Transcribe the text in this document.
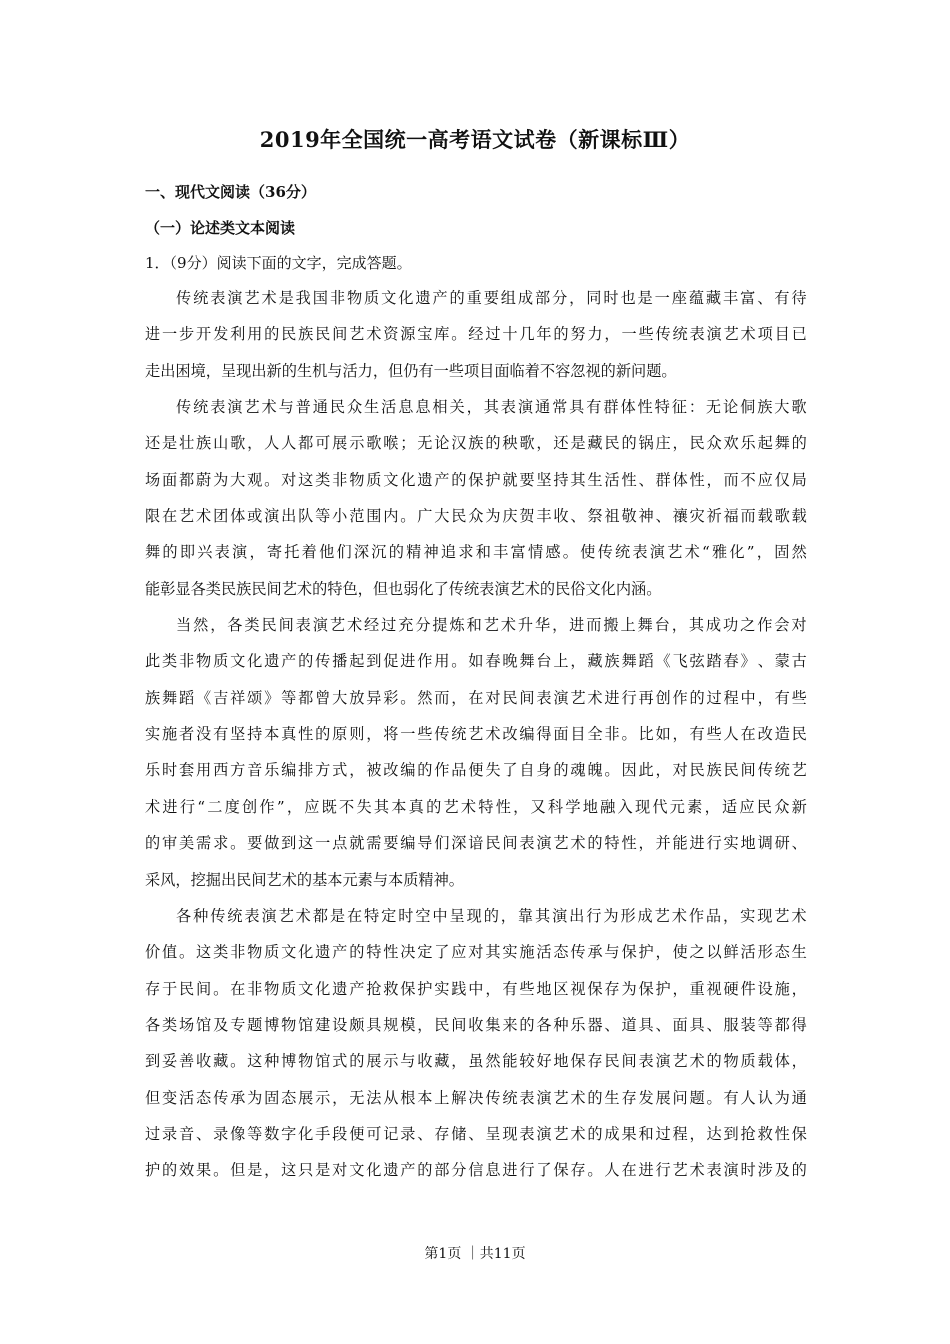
2019年全国统一高考语文试卷（新课标Ⅲ）
一、现代文阅读（36分）
（一）论述类文本阅读
1．（9分）阅读下面的文字，完成答题。
传 统 表 演 艺 术 是 我 国 非 物 质 文 化 遗 产 的 重 要 组 成 部 分 ， 同 时 也 是 一 座 蕴 藏 丰 富 、 有 待
进 一 步 开 发 利 用 的 民 族 民 间 艺 术 资 源 宝 库 。 经 过 十 几 年 的 努 力 ， 一 些 传 统 表 演 艺 术 项 目 已
走出困境，呈现出新的生机与活力，但仍有一些项目面临着不容忽视的新问题。
传 统 表 演 艺 术 与 普 通 民 众 生 活 息 息 相 关 ， 其 表 演 通 常 具 有 群 体 性 特 征 ： 无 论 侗 族 大 歌
还 是 壮 族 山 歌 ， 人 人 都 可 展 示 歌 喉 ； 无 论 汉 族 的 秧 歌 ， 还 是 藏 民 的 锅 庄 ， 民 众 欢 乐 起 舞 的
场 面 都 蔚 为 大 观 。 对 这 类 非 物 质 文 化 遗 产 的 保 护 就 要 坚 持 其 生 活 性 、 群 体 性 ， 而 不 应 仅 局
限 在 艺 术 团 体 或 演 出 队 等 小 范 围 内 。 广 大 民 众 为 庆 贺 丰 收 、 祭 祖 敬 神 、 禳 灾 祈 福 而 载 歌 载
舞 的 即 兴 表 演 ， 寄 托 着 他 们 深 沉 的 精 神 追 求 和 丰 富 情 感 。 使 传 统 表 演 艺 术 “ 雅 化 ” ， 固 然
能彰显各类民族民间艺术的特色，但也弱化了传统表演艺术的民俗文化内涵。
当 然 ， 各 类 民 间 表 演 艺 术 经 过 充 分 提 炼 和 艺 术 升 华 ， 进 而 搬 上 舞 台 ， 其 成 功 之 作 会 对
此 类 非 物 质 文 化 遗 产 的 传 播 起 到 促 进 作 用 。 如 春 晚 舞 台 上 ， 藏 族 舞 蹈 《 飞 弦 踏 春 》 、 蒙 古
族 舞 蹈 《 吉 祥 颂 》 等 都 曾 大 放 异 彩 。 然 而 ， 在 对 民 间 表 演 艺 术 进 行 再 创 作 的 过 程 中 ， 有 些
实 施 者 没 有 坚 持 本 真 性 的 原 则 ， 将 一 些 传 统 艺 术 改 编 得 面 目 全 非 。 比 如 ， 有 些 人 在 改 造 民
乐 时 套 用 西 方 音 乐 编 排 方 式 ， 被 改 编 的 作 品 便 失 了 自 身 的 魂 魄 。 因 此 ， 对 民 族 民 间 传 统 艺
术 进 行 “ 二 度 创 作 ” ， 应 既 不 失 其 本 真 的 艺 术 特 性 ， 又 科 学 地 融 入 现 代 元 素 ， 适 应 民 众 新
的 审 美 需 求 。 要 做 到 这 一 点 就 需 要 编 导 们 深 谙 民 间 表 演 艺 术 的 特 性 ， 并 能 进 行 实 地 调 研 、
采风，挖掘出民间艺术的基本元素与本质精神。
各 种 传 统 表 演 艺 术 都 是 在 特 定 时 空 中 呈 现 的 ， 靠 其 演 出 行 为 形 成 艺 术 作 品 ， 实 现 艺 术
价 值 。 这 类 非 物 质 文 化 遗 产 的 特 性 决 定 了 应 对 其 实 施 活 态 传 承 与 保 护 ， 使 之 以 鲜 活 形 态 生
存 于 民 间 。 在 非 物 质 文 化 遗 产 抢 救 保 护 实 践 中 ， 有 些 地 区 视 保 存 为 保 护 ， 重 视 硬 件 设 施 ，
各 类 场 馆 及 专 题 博 物 馆 建 设 颇 具 规 模 ， 民 间 收 集 来 的 各 种 乐 器 、 道 具 、 面 具 、 服 装 等 都 得
到 妥 善 收 藏 。 这 种 博 物 馆 式 的 展 示 与 收 藏 ， 虽 然 能 较 好 地 保 存 民 间 表 演 艺 术 的 物 质 载 体 ，
但 变 活 态 传 承 为 固 态 展 示 ， 无 法 从 根 本 上 解 决 传 统 表 演 艺 术 的 生 存 发 展 问 题 。 有 人 认 为 通
过 录 音 、 录 像 等 数 字 化 手 段 便 可 记 录 、 存 储 、 呈 现 表 演 艺 术 的 成 果 和 过 程 ， 达 到 抢 救 性 保
护 的 效 果 。 但 是 ， 这 只 是 对 文 化 遗 产 的 部 分 信 息 进 行 了 保 存 。 人 在 进 行 艺 术 表 演 时 涉 及 的
第1页 ｜共11页
